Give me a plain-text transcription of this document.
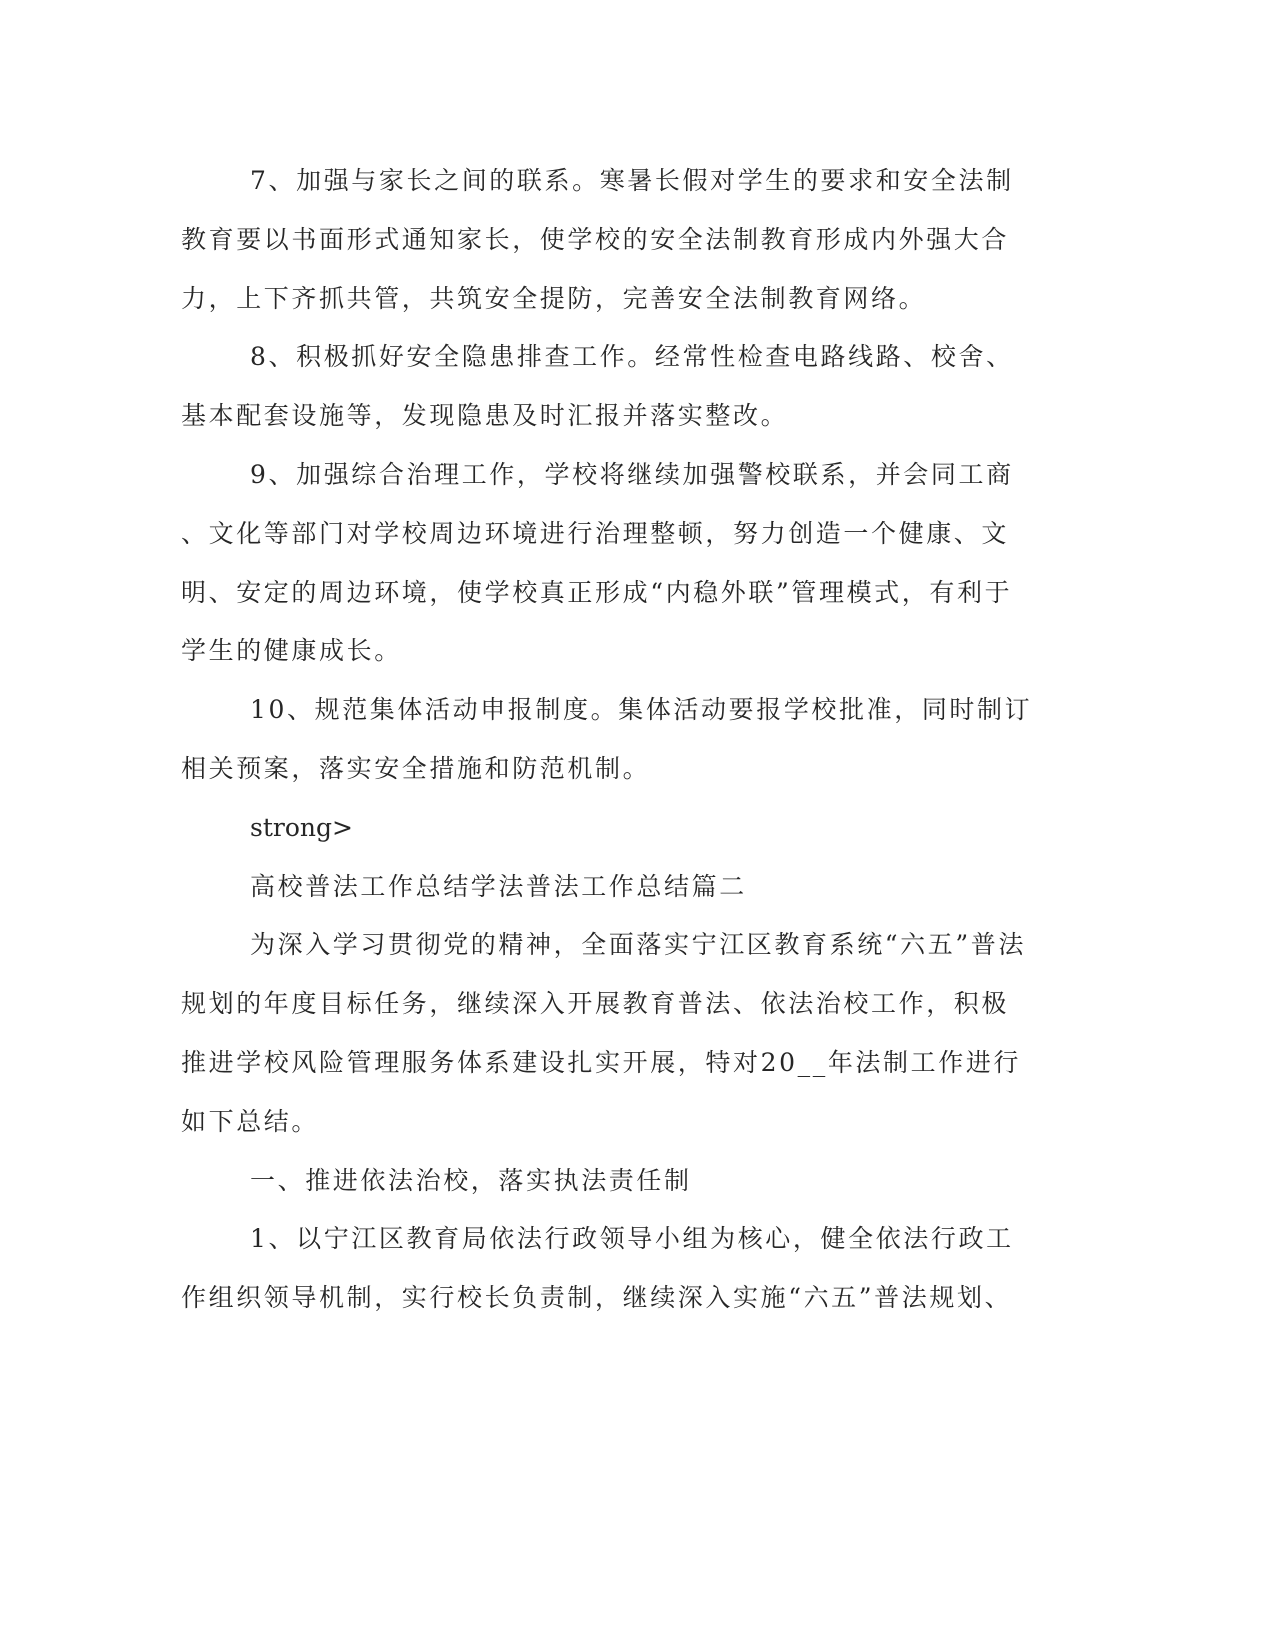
7、加强与家长之间的联系。寒暑长假对学生的要求和安全法制
教育要以书面形式通知家长，使学校的安全法制教育形成内外强大合
力，上下齐抓共管，共筑安全提防，完善安全法制教育网络。
8、积极抓好安全隐患排查工作。经常性检查电路线路、校舍、
基本配套设施等，发现隐患及时汇报并落实整改。
9、加强综合治理工作，学校将继续加强警校联系，并会同工商
、文化等部门对学校周边环境进行治理整顿，努力创造一个健康、文
明、安定的周边环境，使学校真正形成“内稳外联”管理模式，有利于
学生的健康成长。
10、规范集体活动申报制度。集体活动要报学校批准，同时制订
相关预案，落实安全措施和防范机制。
strong>
高校普法工作总结学法普法工作总结篇二
为深入学习贯彻党的精神，全面落实宁江区教育系统“六五”普法
规划的年度目标任务，继续深入开展教育普法、依法治校工作，积极
推进学校风险管理服务体系建设扎实开展，特对20__年法制工作进行
如下总结。
一、推进依法治校，落实执法责任制
1、以宁江区教育局依法行政领导小组为核心，健全依法行政工
作组织领导机制，实行校长负责制，继续深入实施“六五”普法规划、
